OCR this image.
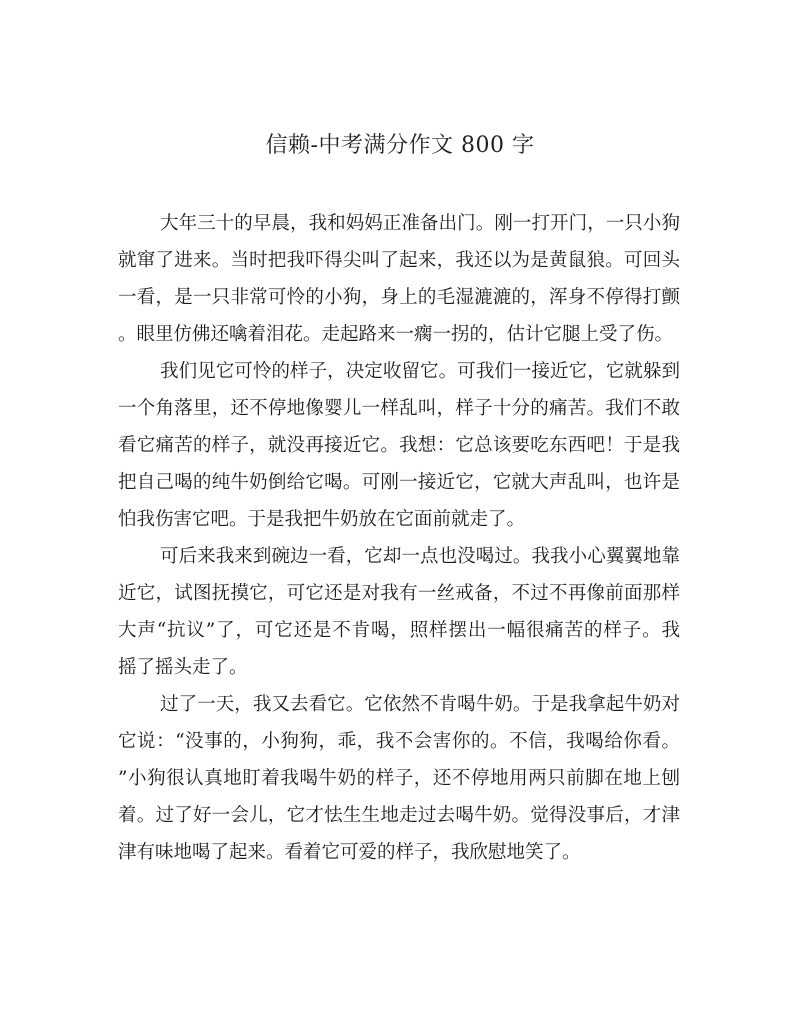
信赖-中考满分作文 800 字
大年三十的早晨，我和妈妈正准备出门。刚一打开门，一只小狗
就窜了进来。当时把我吓得尖叫了起来，我还以为是黄鼠狼。可回头
一看，是一只非常可怜的小狗，身上的毛湿漉漉的，浑身不停得打颤
。眼里仿佛还噙着泪花。走起路来一瘸一拐的，估计它腿上受了伤。
我们见它可怜的样子，决定收留它。可我们一接近它，它就躲到
一个角落里，还不停地像婴儿一样乱叫，样子十分的痛苦。我们不敢
看它痛苦的样子，就没再接近它。我想：它总该要吃东西吧！于是我
把自己喝的纯牛奶倒给它喝。可刚一接近它，它就大声乱叫，也许是
怕我伤害它吧。于是我把牛奶放在它面前就走了。
可后来我来到碗边一看，它却一点也没喝过。我我小心翼翼地靠
近它，试图抚摸它，可它还是对我有一丝戒备，不过不再像前面那样
大声“抗议”了，可它还是不肯喝，照样摆出一幅很痛苦的样子。我
摇了摇头走了。
过了一天，我又去看它。它依然不肯喝牛奶。于是我拿起牛奶对
它说：“没事的，小狗狗，乖，我不会害你的。不信，我喝给你看。
”小狗很认真地盯着我喝牛奶的样子，还不停地用两只前脚在地上刨
着。过了好一会儿，它才怯生生地走过去喝牛奶。觉得没事后，才津
津有味地喝了起来。看着它可爱的样子，我欣慰地笑了。
